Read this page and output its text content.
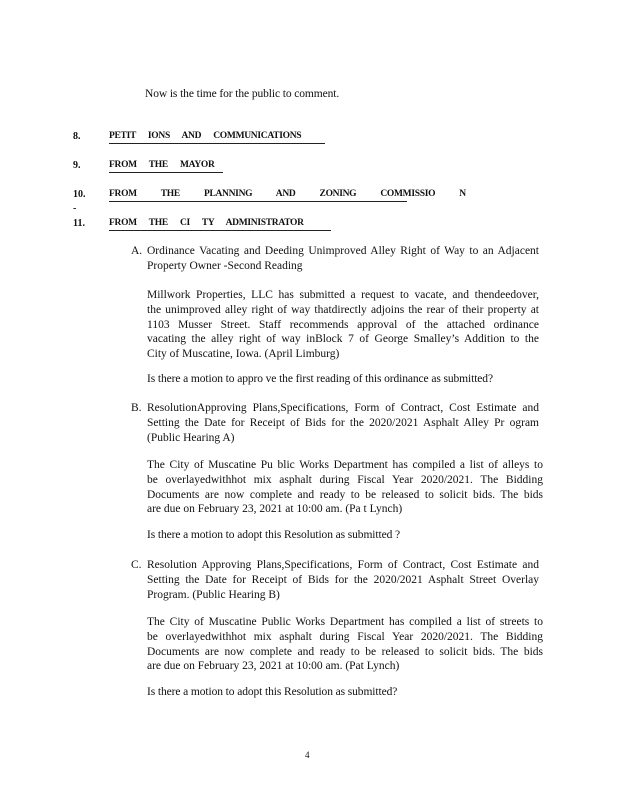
Now is the time for the public to comment.
8.	PETIT IONS AND COMMUNICATIONS
9.	FROM THE MAYOR
10. FROM THE PLANNING AND ZONING COMMISSIO N
-
11.	FROM THE CI TY ADMINISTRATOR
A. Ordinance Vacating and Deeding Unimproved Alley Right of Way to an Adjacent
Property Owner -Second Reading
Millwork Properties, LLC has submitted a request to vacate, and thendeedover,
the unimproved alley right of way thatdirectly adjoins the rear of their property at
1103 Musser Street. Staff recommends approval of the attached ordinance
vacating the alley right of way inBlock 7 of George Smalley’s Addition to the
City of Muscatine, Iowa. (April Limburg)
Is there a motion to appro ve the first reading of this ordinance as submitted?
B. ResolutionApproving Plans,Specifications, Form of Contract, Cost Estimate and
Setting the Date for Receipt of Bids for the 2020/2021 Asphalt Alley Pr ogram
(Public Hearing A)
The City of Muscatine Pu blic Works Department has compiled a list of alleys to
be overlayedwithhot mix asphalt during Fiscal Year 2020/2021. The Bidding
Documents are now complete and ready to be released to solicit bids. The bids
are due on February 23, 2021 at 10:00 am. (Pa t Lynch)
Is there a motion to adopt this Resolution as submitted ?
C. Resolution Approving Plans,Specifications, Form of Contract, Cost Estimate and
Setting the Date for Receipt of Bids for the 2020/2021 Asphalt Street Overlay
Program. (Public Hearing B)
The City of Muscatine Public Works Department has compiled a list of streets to
be overlayedwithhot mix asphalt during Fiscal Year 2020/2021. The Bidding
Documents are now complete and ready to be released to solicit bids. The bids
are due on February 23, 2021 at 10:00 am. (Pat Lynch)
Is there a motion to adopt this Resolution as submitted?
4
